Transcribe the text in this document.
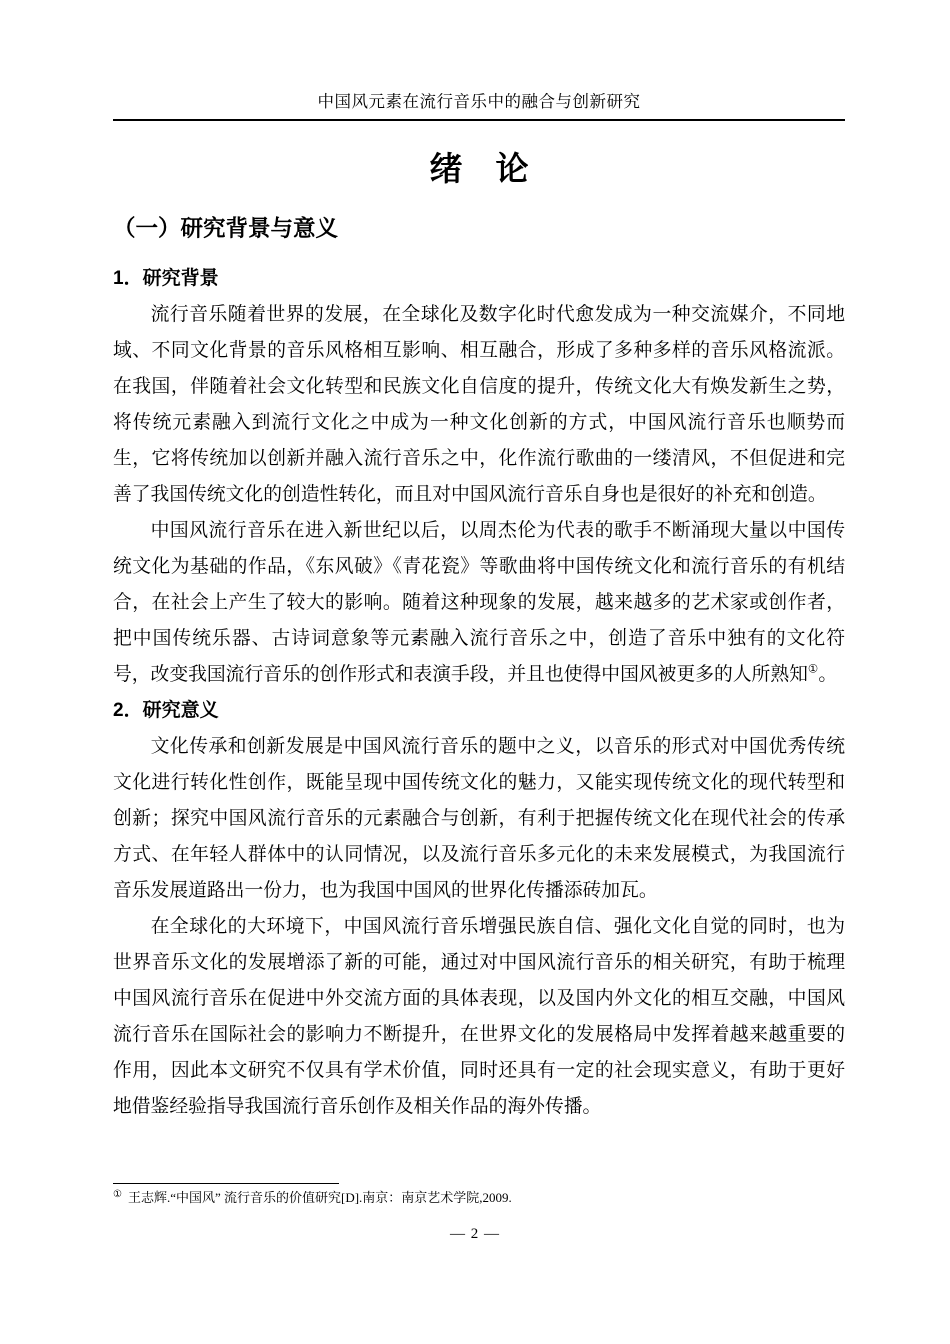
中国风元素在流行音乐中的融合与创新研究
绪　论
（一）研究背景与意义
1．研究背景

流行音乐随着世界的发展，在全球化及数字化时代愈发成为一种交流媒介，不同地域、不同文化背景的音乐风格相互影响、相互融合，形成了多种多样的音乐风格流派。在我国，伴随着社会文化转型和民族文化自信度的提升，传统文化大有焕发新生之势，将传统元素融入到流行文化之中成为一种文化创新的方式，中国风流行音乐也顺势而生，它将传统加以创新并融入流行音乐之中，化作流行歌曲的一缕清风，不但促进和完善了我国传统文化的创造性转化，而且对中国风流行音乐自身也是很好的补充和创造。

中国风流行音乐在进入新世纪以后，以周杰伦为代表的歌手不断涌现大量以中国传统文化为基础的作品，《东风破》《青花瓷》等歌曲将中国传统文化和流行音乐的有机结合，在社会上产生了较大的影响。随着这种现象的发展，越来越多的艺术家或创作者，把中国传统乐器、古诗词意象等元素融入流行音乐之中，创造了音乐中独有的文化符号，改变我国流行音乐的创作形式和表演手段，并且也使得中国风被更多的人所熟知①。

2．研究意义

文化传承和创新发展是中国风流行音乐的题中之义，以音乐的形式对中国优秀传统文化进行转化性创作，既能呈现中国传统文化的魅力，又能实现传统文化的现代转型和创新；探究中国风流行音乐的元素融合与创新，有利于把握传统文化在现代社会的传承方式、在年轻人群体中的认同情况，以及流行音乐多元化的未来发展模式，为我国流行音乐发展道路出一份力，也为我国中国风的世界化传播添砖加瓦。

在全球化的大环境下，中国风流行音乐增强民族自信、强化文化自觉的同时，也为世界音乐文化的发展增添了新的可能，通过对中国风流行音乐的相关研究，有助于梳理中国风流行音乐在促进中外交流方面的具体表现，以及国内外文化的相互交融，中国风流行音乐在国际社会的影响力不断提升，在世界文化的发展格局中发挥着越来越重要的作用，因此本文研究不仅具有学术价值，同时还具有一定的社会现实意义，有助于更好地借鉴经验指导我国流行音乐创作及相关作品的海外传播。

① 王志辉.“中国风” 流行音乐的价值研究[D].南京：南京艺术学院,2009.
— 2 —
